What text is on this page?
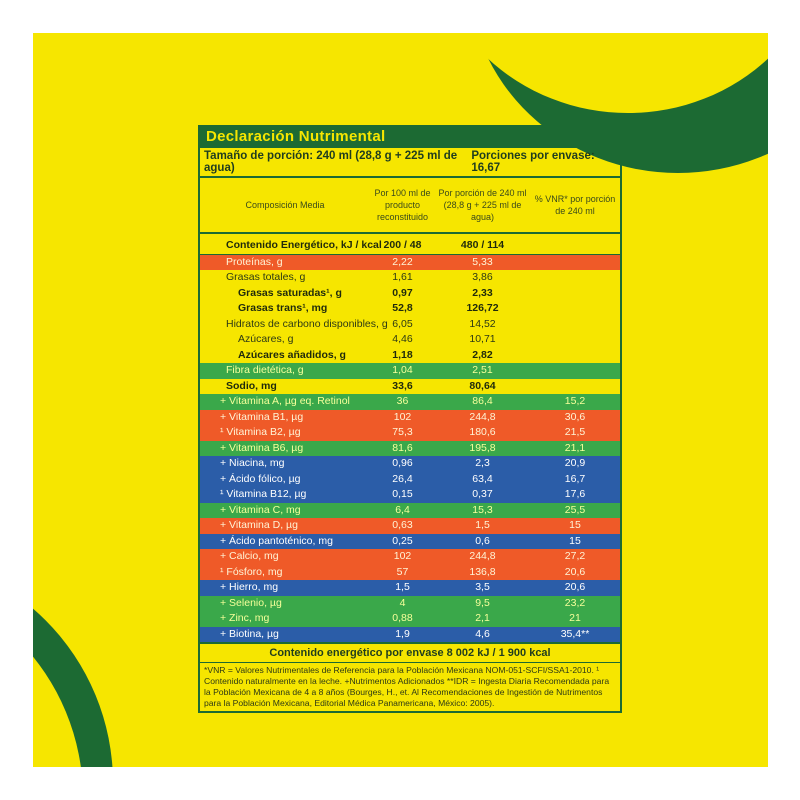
Declaración Nutrimental
Tamaño de porción: 240 ml (28,8 g + 225 ml de agua)
Porciones por envase: 16,67
Composición Media
Por 100 ml de producto reconstituido
Por porción de 240 ml (28,8 g + 225 ml de agua)
% VNR* por porción de 240 ml
Contenido Energético, kJ / kcal 200 / 48	480 / 114
Proteínas, g	2,22	5,33
Grasas totales, g	1,61	3,86
Grasas saturadas¹, g	0,97	2,33
Grasas trans¹, mg	52,8	126,72
Hidratos de carbono disponibles, g 6,05	14,52
Azúcares, g	4,46	10,71
Azúcares añadidos, g	1,18	2,82
Fibra dietética, g	1,04	2,51
Sodio, mg	33,6	80,64
+ Vitamina A, µg eq. Retinol	36	86,4	15,2
+ Vitamina B1, µg	102	244,8	30,6
¹ Vitamina B2, µg	75,3	180,6	21,5
+ Vitamina B6, µg	81,6	195,8	21,1
+ Niacina, mg	0,96	2,3	20,9
+ Ácido fólico, µg	26,4	63,4	16,7
¹ Vitamina B12, µg	0,15	0,37	17,6
+ Vitamina C, mg	6,4	15,3	25,5
+ Vitamina D, µg	0,63	1,5	15
+ Ácido pantoténico, mg	0,25	0,6	15
+ Calcio, mg	102	244,8	27,2
¹ Fósforo, mg	57	136,8	20,6
+ Hierro, mg	1,5	3,5	20,6
+ Selenio, µg	4	9,5	23,2
+ Zinc, mg	0,88	2,1	21
+ Biotina, µg	1,9	4,6	35,4**
Contenido energético por envase 8 002 kJ / 1 900 kcal
*VNR = Valores Nutrimentales de Referencia para la Población Mexicana NOM-051-SCFI/SSA1-2010. ¹ Contenido naturalmente en la leche. +Nutrimentos Adicionados **IDR = Ingesta Diaria Recomendada para la Población Mexicana de 4 a 8 años (Bourges, H., et. Al Recomendaciones de Ingestión de Nutrimentos para la Población Mexicana, Editorial Médica Panamericana, México: 2005).
